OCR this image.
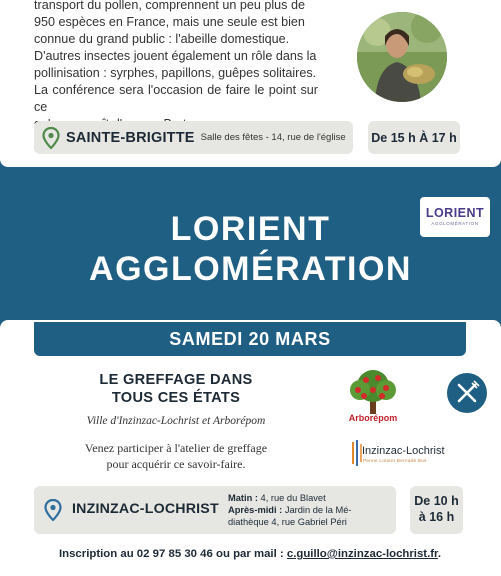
transport du pollen, comprennent un peu plus de
950 espèces en France, mais une seule est bien
connue du grand public : l'abeille domestique.
D'autres insectes jouent également un rôle dans la
pollinisation : syrphes, papillons, guêpes solitaires.
La conférence sera l'occasion de faire le point sur ce
SAINTE-BRIGITTE Salle des fêtes - 14, rue de l'église De 15 h À 17 h
LORIENT
AGGLOMÉRATION
LORIENT
AGGLOMÉRATION
SAMEDI 20 MARS
LE GREFFAGE DANS
TOUS CES ÉTATS
Ville d'Inzinzac-Lochrist et Arborépom
Venez participer à l'atelier de greffage
pour acquérir ce savoir-faire.
Arborépom
Inzinzac-Lochrist
Penne Lotient Bernadé Bus
INZINZAC-LOCHRIST
Matin : 4, rue du Blavet
Après-midi : Jardin de la Mé-
diathèque 4, rue Gabriel Péri
De 10 h
à 16 h
Inscription au 02 97 85 30 46 ou par mail : c.guillo@inzinzac-lochrist.fr.
